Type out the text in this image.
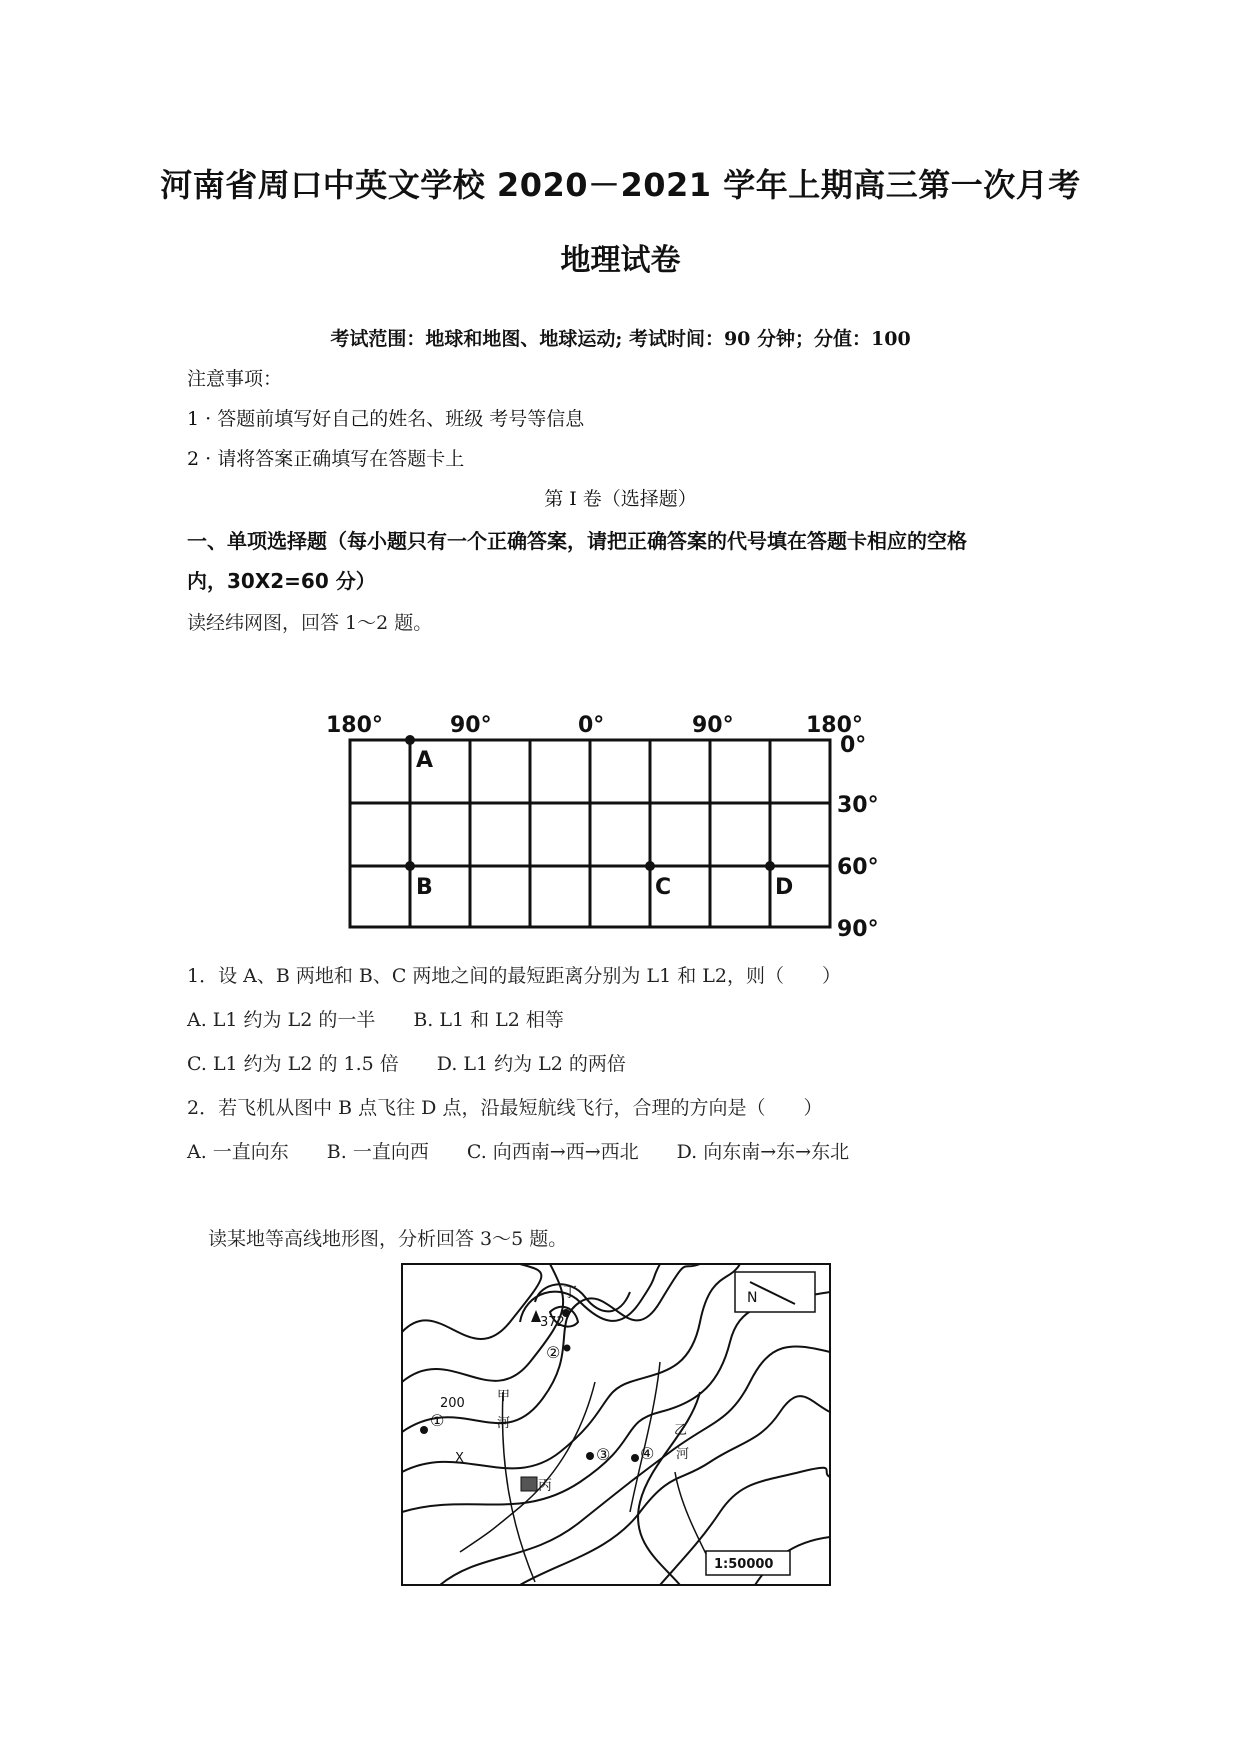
河南省周口中英文学校 2020－2021 学年上期高三第一次月考
地理试卷
考试范围：地球和地图、地球运动; 考试时间：90 分钟；分值：100
注意事项：
1 · 答题前填写好自己的姓名、班级 考号等信息
2 · 请将答案正确填写在答题卡上
第 I 卷（选择题）
一、单项选择题（每小题只有一个正确答案，请把正确答案的代号填在答题卡相应的空格
内，30X2=60 分）
读经纬网图，回答 1～2 题。
180°	90°	0°	90°	180°
0°
30°
60°
90°
A
B	C	D
1．设 A、B 两地和 B、C 两地之间的最短距离分别为 L1 和 L2，则（　　）
A. L1 约为 L2 的一半　　B. L1 和 L2 相等
C. L1 约为 L2 的 1.5 倍　　D. L1 约为 L2 的两倍
2．若飞机从图中 B 点飞往 D 点，沿最短航线飞行，合理的方向是（　　）
A. 一直向东　　B. 一直向西　　C. 向西南→西→西北　　D. 向东南→东→东北
读某地等高线地形图，分析回答 3～5 题。
N
丁
372
②
200
①
X
甲
河	乙
河
③ ④
丙
1:50000
